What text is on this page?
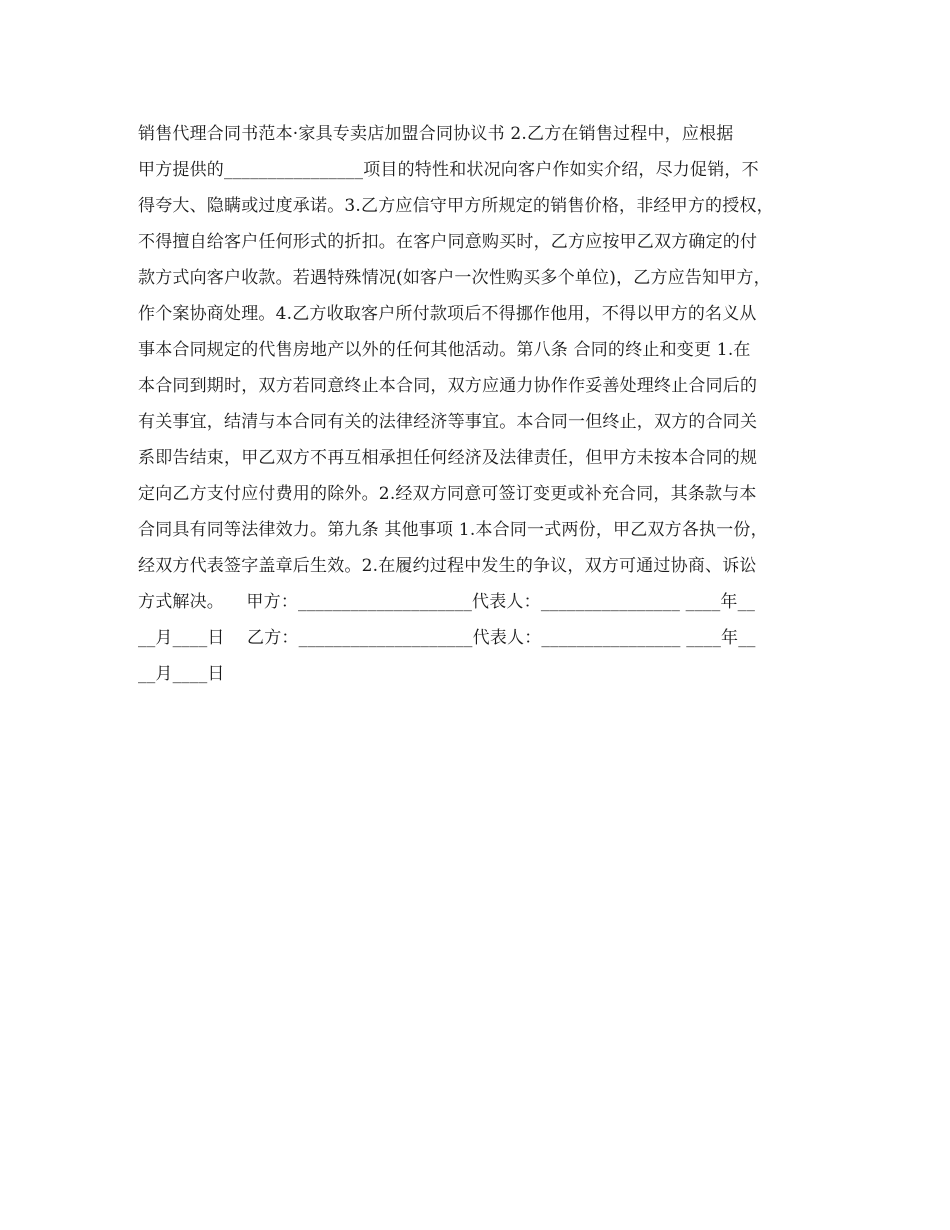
销售代理合同书范本·家具专卖店加盟合同协议书 2.乙方在销售过程中，应根据
甲方提供的________________项目的特性和状况向客户作如实介绍，尽力促销，不
得夸大、隐瞒或过度承诺。3.乙方应信守甲方所规定的销售价格，非经甲方的授权，
不得擅自给客户任何形式的折扣。在客户同意购买时，乙方应按甲乙双方确定的付
款方式向客户收款。若遇特殊情况(如客户一次性购买多个单位)，乙方应告知甲方，
作个案协商处理。4.乙方收取客户所付款项后不得挪作他用，不得以甲方的名义从
事本合同规定的代售房地产以外的任何其他活动。第八条 合同的终止和变更 1.在
本合同到期时，双方若同意终止本合同，双方应通力协作作妥善处理终止合同后的
有关事宜，结清与本合同有关的法律经济等事宜。本合同一但终止，双方的合同关
系即告结束，甲乙双方不再互相承担任何经济及法律责任，但甲方未按本合同的规
定向乙方支付应付费用的除外。2.经双方同意可签订变更或补充合同，其条款与本
合同具有同等法律效力。第九条 其他事项 1.本合同一式两份，甲乙双方各执一份，
经双方代表签字盖章后生效。2.在履约过程中发生的争议，双方可通过协商、诉讼
方式解决。    甲方：____________________代表人：________________ ____年__
__月____日    乙方：____________________代表人：________________ ____年__
__月____日
